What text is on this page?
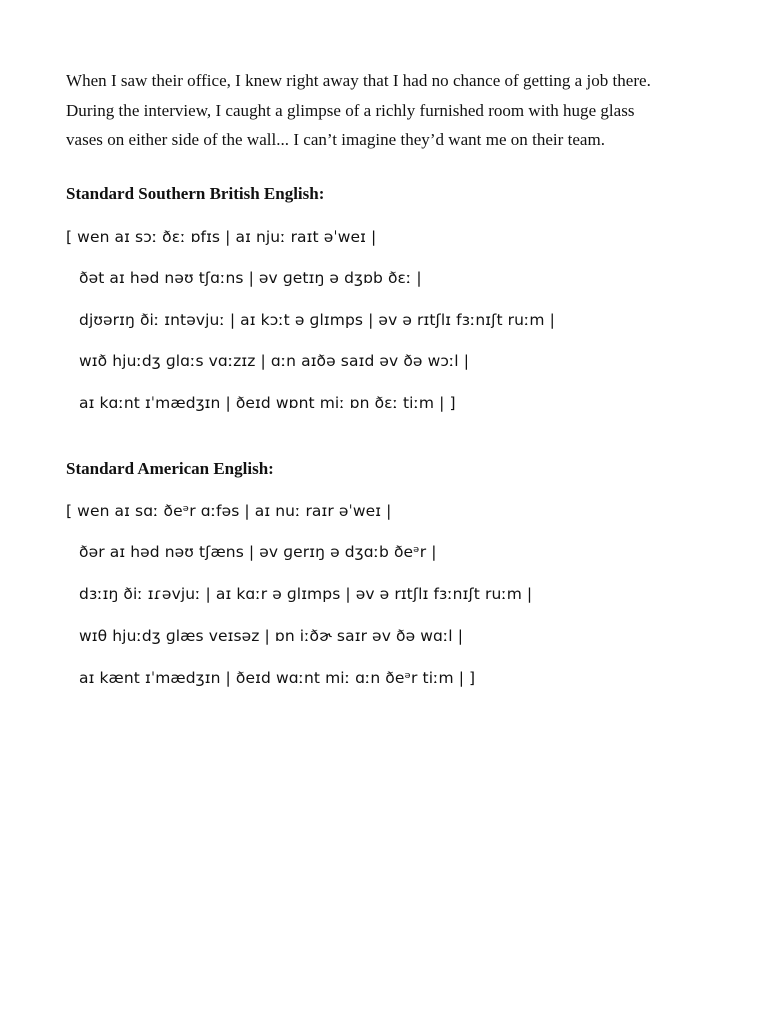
When I saw their office, I knew right away that I had no chance of getting a job there.
During the interview, I caught a glimpse of a richly furnished room with huge glass
vases on either side of the wall... I can’t imagine they’d want me on their team.

Standard Southern British English:
[ wen aɪ sɔː ðɛː ɒfɪs | aɪ njuː raɪt əˈweɪ |
ðət aɪ həd nəʊ tʃɑːns | əv ɡetɪŋ ə dʒɒb ðɛː |
djʊərɪŋ ðiː ɪntəvjuː | aɪ kɔːt ə ɡlɪmps | əv ə rɪtʃlɪ fɜːnɪʃt ruːm |
wɪð hjuːdʒ ɡlɑːs vɑːzɪz | ɑːn aɪðə saɪd əv ðə wɔːl |
aɪ kɑːnt ɪˈmædʒɪn | ðeɪd wɒnt miː ɒn ðɛː tiːm | ]
Standard American English:
[ wen aɪ sɑː ðeᵊr ɑːfəs | aɪ nuː raɪr əˈweɪ |
ðər aɪ həd nəʊ tʃæns | əv ɡerɪŋ ə dʒɑːb ðeᵊr |
dɜːɪŋ ðiː ɪɾəvjuː | aɪ kɑːr ə ɡlɪmps | əv ə rɪtʃlɪ fɜːnɪʃt ruːm |
wɪθ hjuːdʒ ɡlæs veɪsəz | ɒn iːðɚ saɪr əv ðə wɑːl |
aɪ kænt ɪˈmædʒɪn | ðeɪd wɑːnt miː ɑːn ðeᵊr tiːm | ]
